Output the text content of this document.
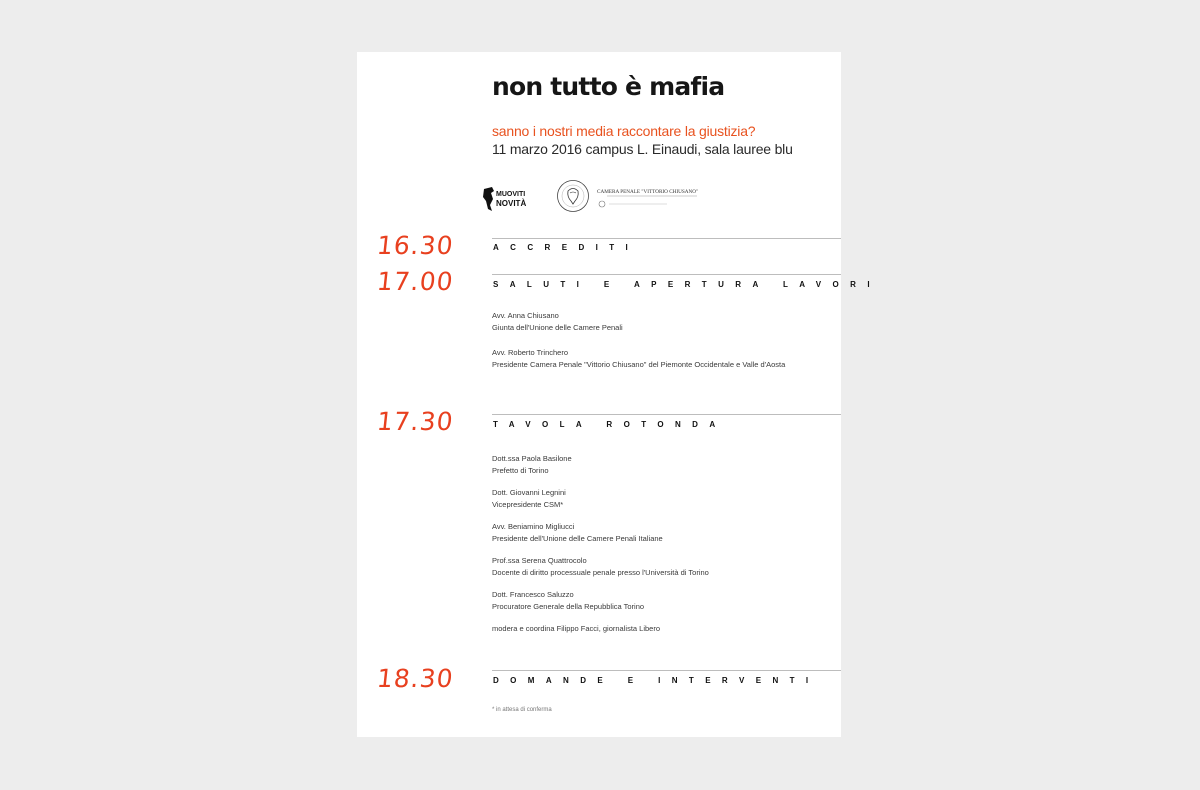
non tutto è mafia
sanno i nostri media raccontare la giustizia?
11 marzo 2016 campus L. Einaudi, sala lauree blu
MUOVITI
NOVITÀ
CAMERA PENALE "VITTORIO CHIUSANO"
16.30	ACCREDITI
17.00	SALUTI E APERTURA LAVORI
Avv. Anna Chiusano
Giunta dell'Unione delle Camere Penali
Avv. Roberto Trinchero
Presidente Camera Penale "Vittorio Chiusano" del Piemonte Occidentale e Valle d'Aosta
17.30	TAVOLA ROTONDA
Dott.ssa Paola Basilone
Prefetto di Torino
Dott. Giovanni Legnini
Vicepresidente CSM*
Avv. Beniamino Migliucci
Presidente dell'Unione delle Camere Penali Italiane
Prof.ssa Serena Quattrocolo
Docente di diritto processuale penale presso l'Università di Torino
Dott. Francesco Saluzzo
Procuratore Generale della Repubblica Torino
modera e coordina Filippo Facci, giornalista Libero
18.30	DOMANDE E INTERVENTI
* in attesa di conferma
